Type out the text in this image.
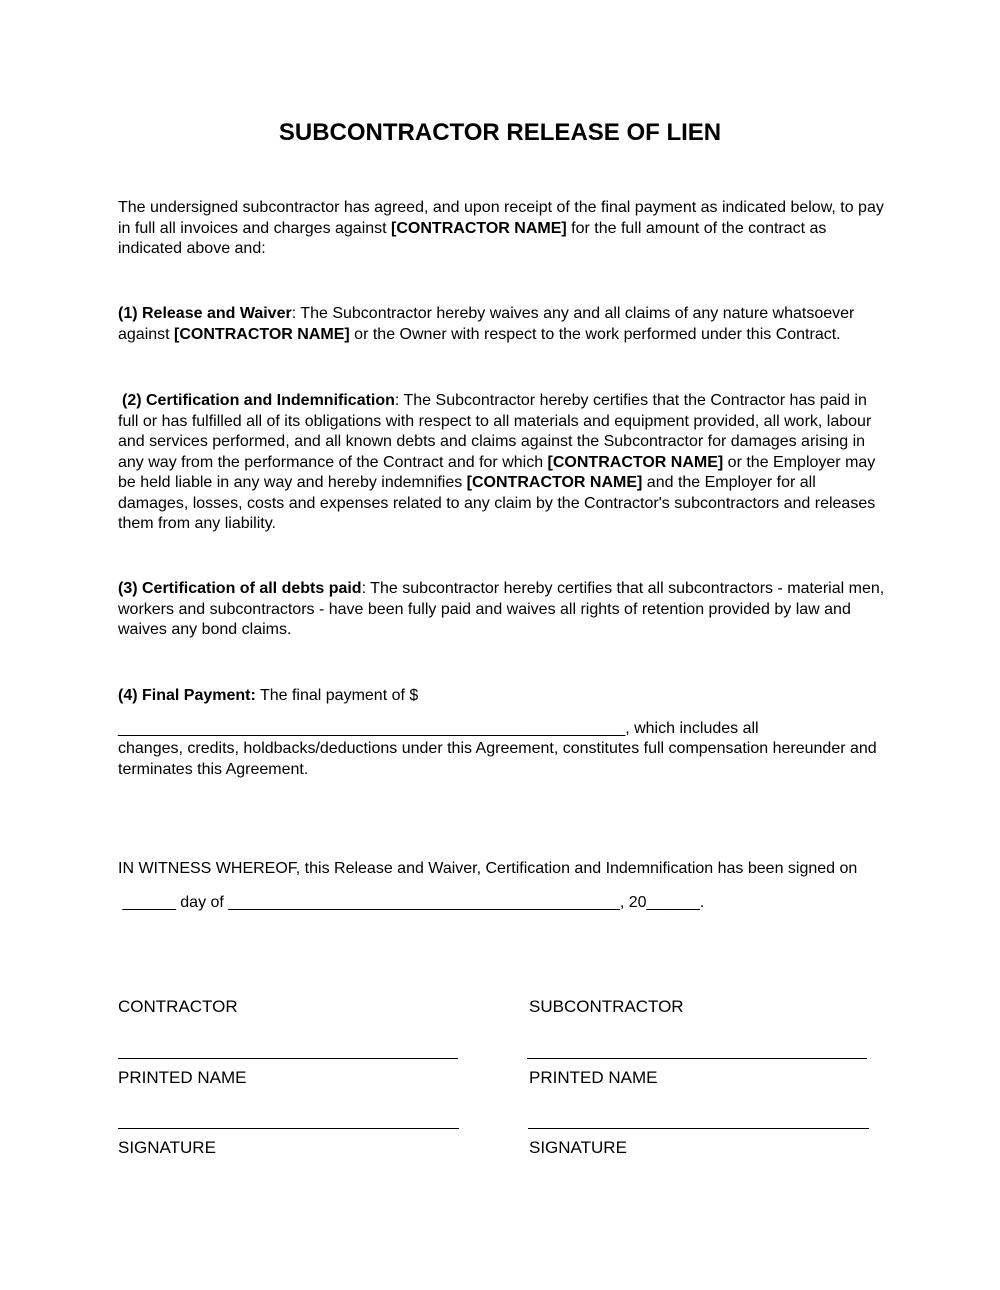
SUBCONTRACTOR RELEASE OF LIEN

The undersigned subcontractor has agreed, and upon receipt of the final payment as indicated below, to pay in full all invoices and charges against [CONTRACTOR NAME] for the full amount of the contract as indicated above and:

(1) Release and Waiver: The Subcontractor hereby waives any and all claims of any nature whatsoever against [CONTRACTOR NAME] or the Owner with respect to the work performed under this Contract.

(2) Certification and Indemnification: The Subcontractor hereby certifies that the Contractor has paid in full or has fulfilled all of its obligations with respect to all materials and equipment provided, all work, labour and services performed, and all known debts and claims against the Subcontractor for damages arising in any way from the performance of the Contract and for which [CONTRACTOR NAME] or the Employer may be held liable in any way and hereby indemnifies [CONTRACTOR NAME] and the Employer for all damages, losses, costs and expenses related to any claim by the Contractor's subcontractors and releases them from any liability.

(3) Certification of all debts paid: The subcontractor hereby certifies that all subcontractors - material men, workers and subcontractors - have been fully paid and waives all rights of retention provided by law and waives any bond claims.

(4) Final Payment: The final payment of $

_________________________________________________________, which includes all

changes, credits, holdbacks/deductions under this Agreement, constitutes full compensation hereunder and terminates this Agreement.

IN WITNESS WHEREOF, this Release and Waiver, Certification and Indemnification has been signed on

______ day of ____________________________________________, 20______.

CONTRACTOR	SUBCONTRACTOR

PRINTED NAME	PRINTED NAME

SIGNATURE	SIGNATURE
